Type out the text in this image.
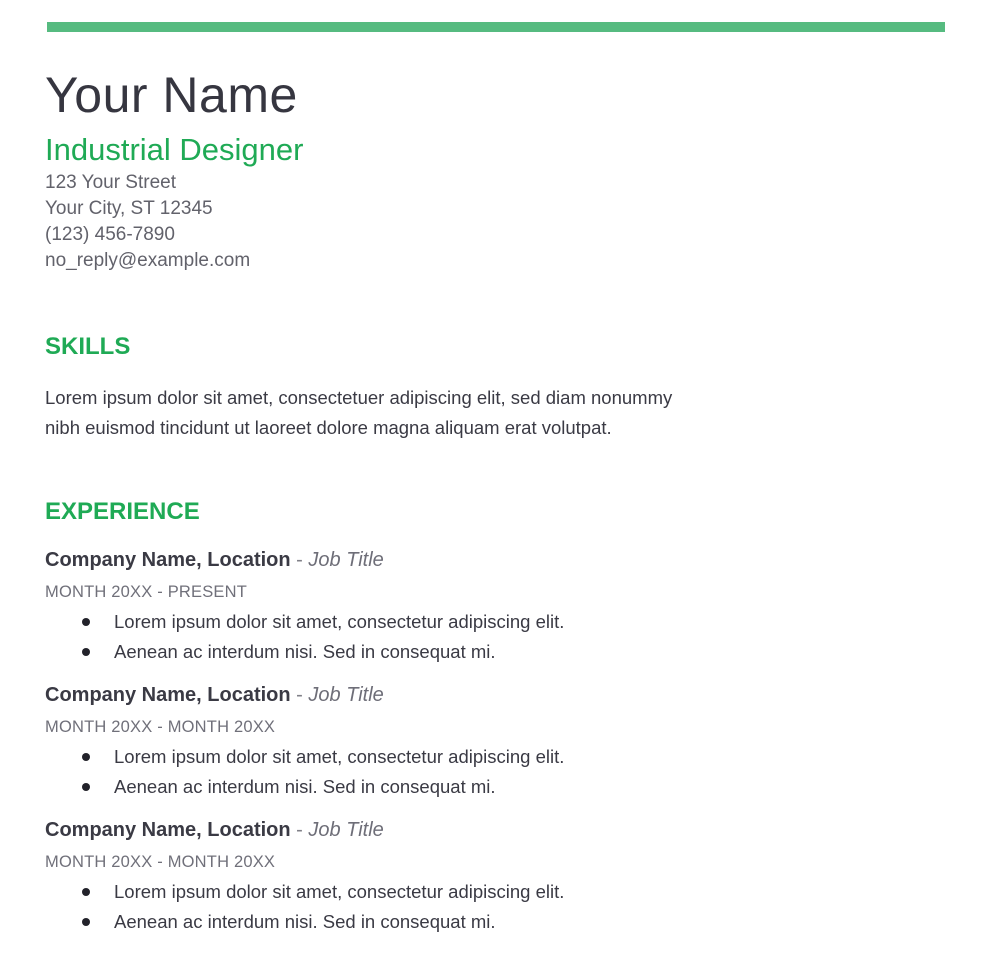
Your Name
Industrial Designer
123 Your Street
Your City, ST 12345
(123) 456-7890
no_reply@example.com
SKILLS
Lorem ipsum dolor sit amet, consectetuer adipiscing elit, sed diam nonummy
nibh euismod tincidunt ut laoreet dolore magna aliquam erat volutpat.
EXPERIENCE
Company Name, Location - Job Title
MONTH 20XX - PRESENT
Lorem ipsum dolor sit amet, consectetur adipiscing elit.
Aenean ac interdum nisi. Sed in consequat mi.
Company Name, Location - Job Title
MONTH 20XX - MONTH 20XX
Lorem ipsum dolor sit amet, consectetur adipiscing elit.
Aenean ac interdum nisi. Sed in consequat mi.
Company Name, Location - Job Title
MONTH 20XX - MONTH 20XX
Lorem ipsum dolor sit amet, consectetur adipiscing elit.
Aenean ac interdum nisi. Sed in consequat mi.
